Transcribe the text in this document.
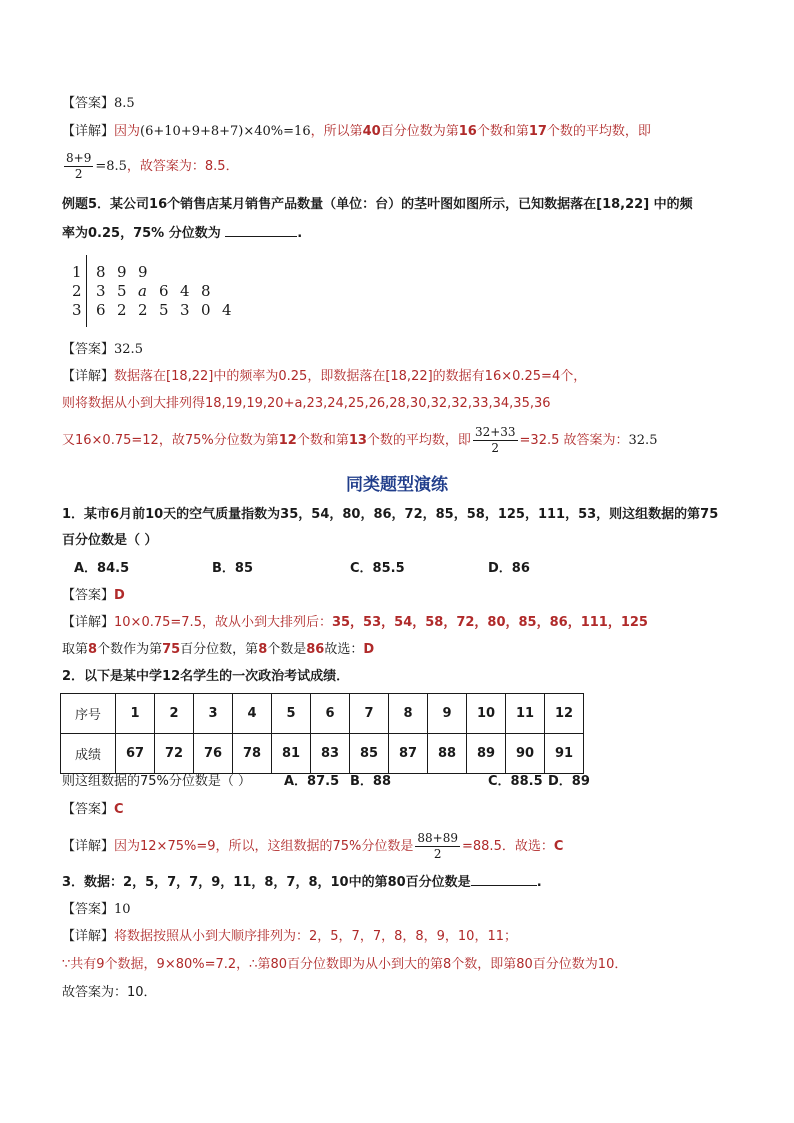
【答案】8.5
【详解】因为(6+10+9+8+7)×40%=16，所以第40百分位数为第16个数和第17个数的平均数，即
$\frac{8+9}{2} =8.5$，故答案为：8.5．
例题5．某公司16个销售店某月销售产品数量（单位：台）的茎叶图如图所示，已知数据落在[18,22] 中的频
率为0.25，75% 分位数为	.
1 8 9 9
2 3 5 a 6 4 8
3 6 2 2 5 3 0 4
【答案】32.5
【详解】数据落在[18,22]中的频率为0.25，即数据落在[18,22]的数据有16×0.25=4个，
则将数据从小到大排列得18,19,19,20+a,23,24,25,26,28,30,32,32,33,34,35,36
又16×0.75=12，故75%分位数为第12个数和第13个数的平均数，即 $\frac{32+33}{2} =32.5$ 故答案为：32.5
同类题型演练
1．某市6月前10天的空气质量指数为35，54，80，86，72，85，58，125，111，53，则这组数据的第75
百分位数是（ ）
A．84.5	B．85	C．85.5	D．86
【答案】D
【详解】10×0.75=7.5，故从小到大排列后：35，53，54，58，72，80，85，86，111，125
取第8个数作为第75百分位数，第8个数是86故选：D
2．以下是某中学12名学生的一次政治考试成绩．
序号	1	2	3	4	5	6	7	8	9	10	11	12
成绩	67	72	76	78	81	83	85	87	88	89	90	91
则这组数据的75%分位数是（ ）	A．87.5 B．88	C．88.5 D．89
【答案】C
【详解】因为12×75%=9，所以，这组数据的75%分位数是 $\frac{88+89}{2} =88.5$．故选：C
3．数据：2，5，7，7，9，11，8，7，8，10中的第80百分位数是	.
【答案】10
【详解】将数据按照从小到大顺序排列为：2，5，7，7，8，8，9，10，11；
∵共有9个数据，9×80%=7.2，∴第80百分位数即为从小到大的第8个数，即第80百分位数为10．
故答案为：10．
